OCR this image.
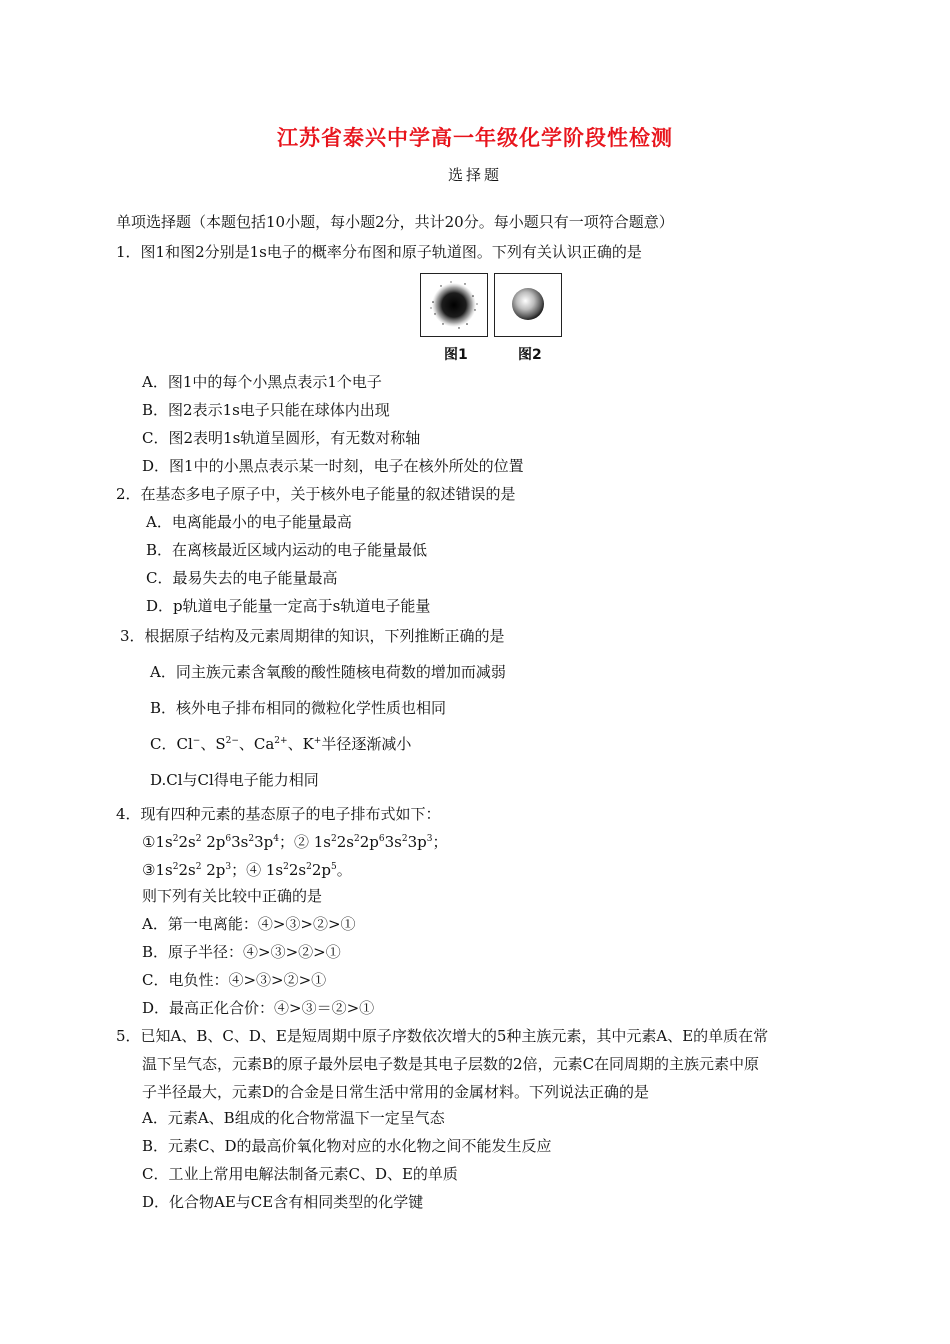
江苏省泰兴中学高一年级化学阶段性检测
选择题
单项选择题（本题包括10小题，每小题2分，共计20分。每小题只有一项符合题意）
1．图1和图2分别是1s电子的概率分布图和原子轨道图。下列有关认识正确的是
图1	图2
A．图1中的每个小黑点表示1个电子
B．图2表示1s电子只能在球体内出现
C．图2表明1s轨道呈圆形，有无数对称轴
D．图1中的小黑点表示某一时刻，电子在核外所处的位置
2．在基态多电子原子中，关于核外电子能量的叙述错误的是
A．电离能最小的电子能量最高
B．在离核最近区域内运动的电子能量最低
C．最易失去的电子能量最高
D．p轨道电子能量一定高于s轨道电子能量
3．根据原子结构及元素周期律的知识，下列推断正确的是
A．同主族元素含氧酸的酸性随核电荷数的增加而减弱
B．核外电子排布相同的微粒化学性质也相同
C．Cl−、$S^{2-}$、$Ca^{2+}$、K+半径逐渐减小
D.Cl与Cl得电子能力相同
4．现有四种元素的基态原子的电子排布式如下：
$①1s^22s^2$ $2p^63s^23p^4$；② $1s^22s^22p^63s^23p^3$；
$③1s^22s^2$ $2p^3$；④ $1s^22s^22p^5$。
则下列有关比较中正确的是
A．第一电离能：④>③>②>①
B．原子半径：④>③>②>①
C．电负性：④>③>②>①
D．最高正化合价：④>③＝②>①
5．已知A、B、C、D、E是短周期中原子序数依次增大的5种主族元素，其中元素A、E的单质在常
温下呈气态，元素B的原子最外层电子数是其电子层数的2倍，元素C在同周期的主族元素中原
子半径最大，元素D的合金是日常生活中常用的金属材料。下列说法正确的是
A．元素A、B组成的化合物常温下一定呈气态
B．元素C、D的最高价氧化物对应的水化物之间不能发生反应
C．工业上常用电解法制备元素C、D、E的单质
D．化合物AE与CE含有相同类型的化学键
